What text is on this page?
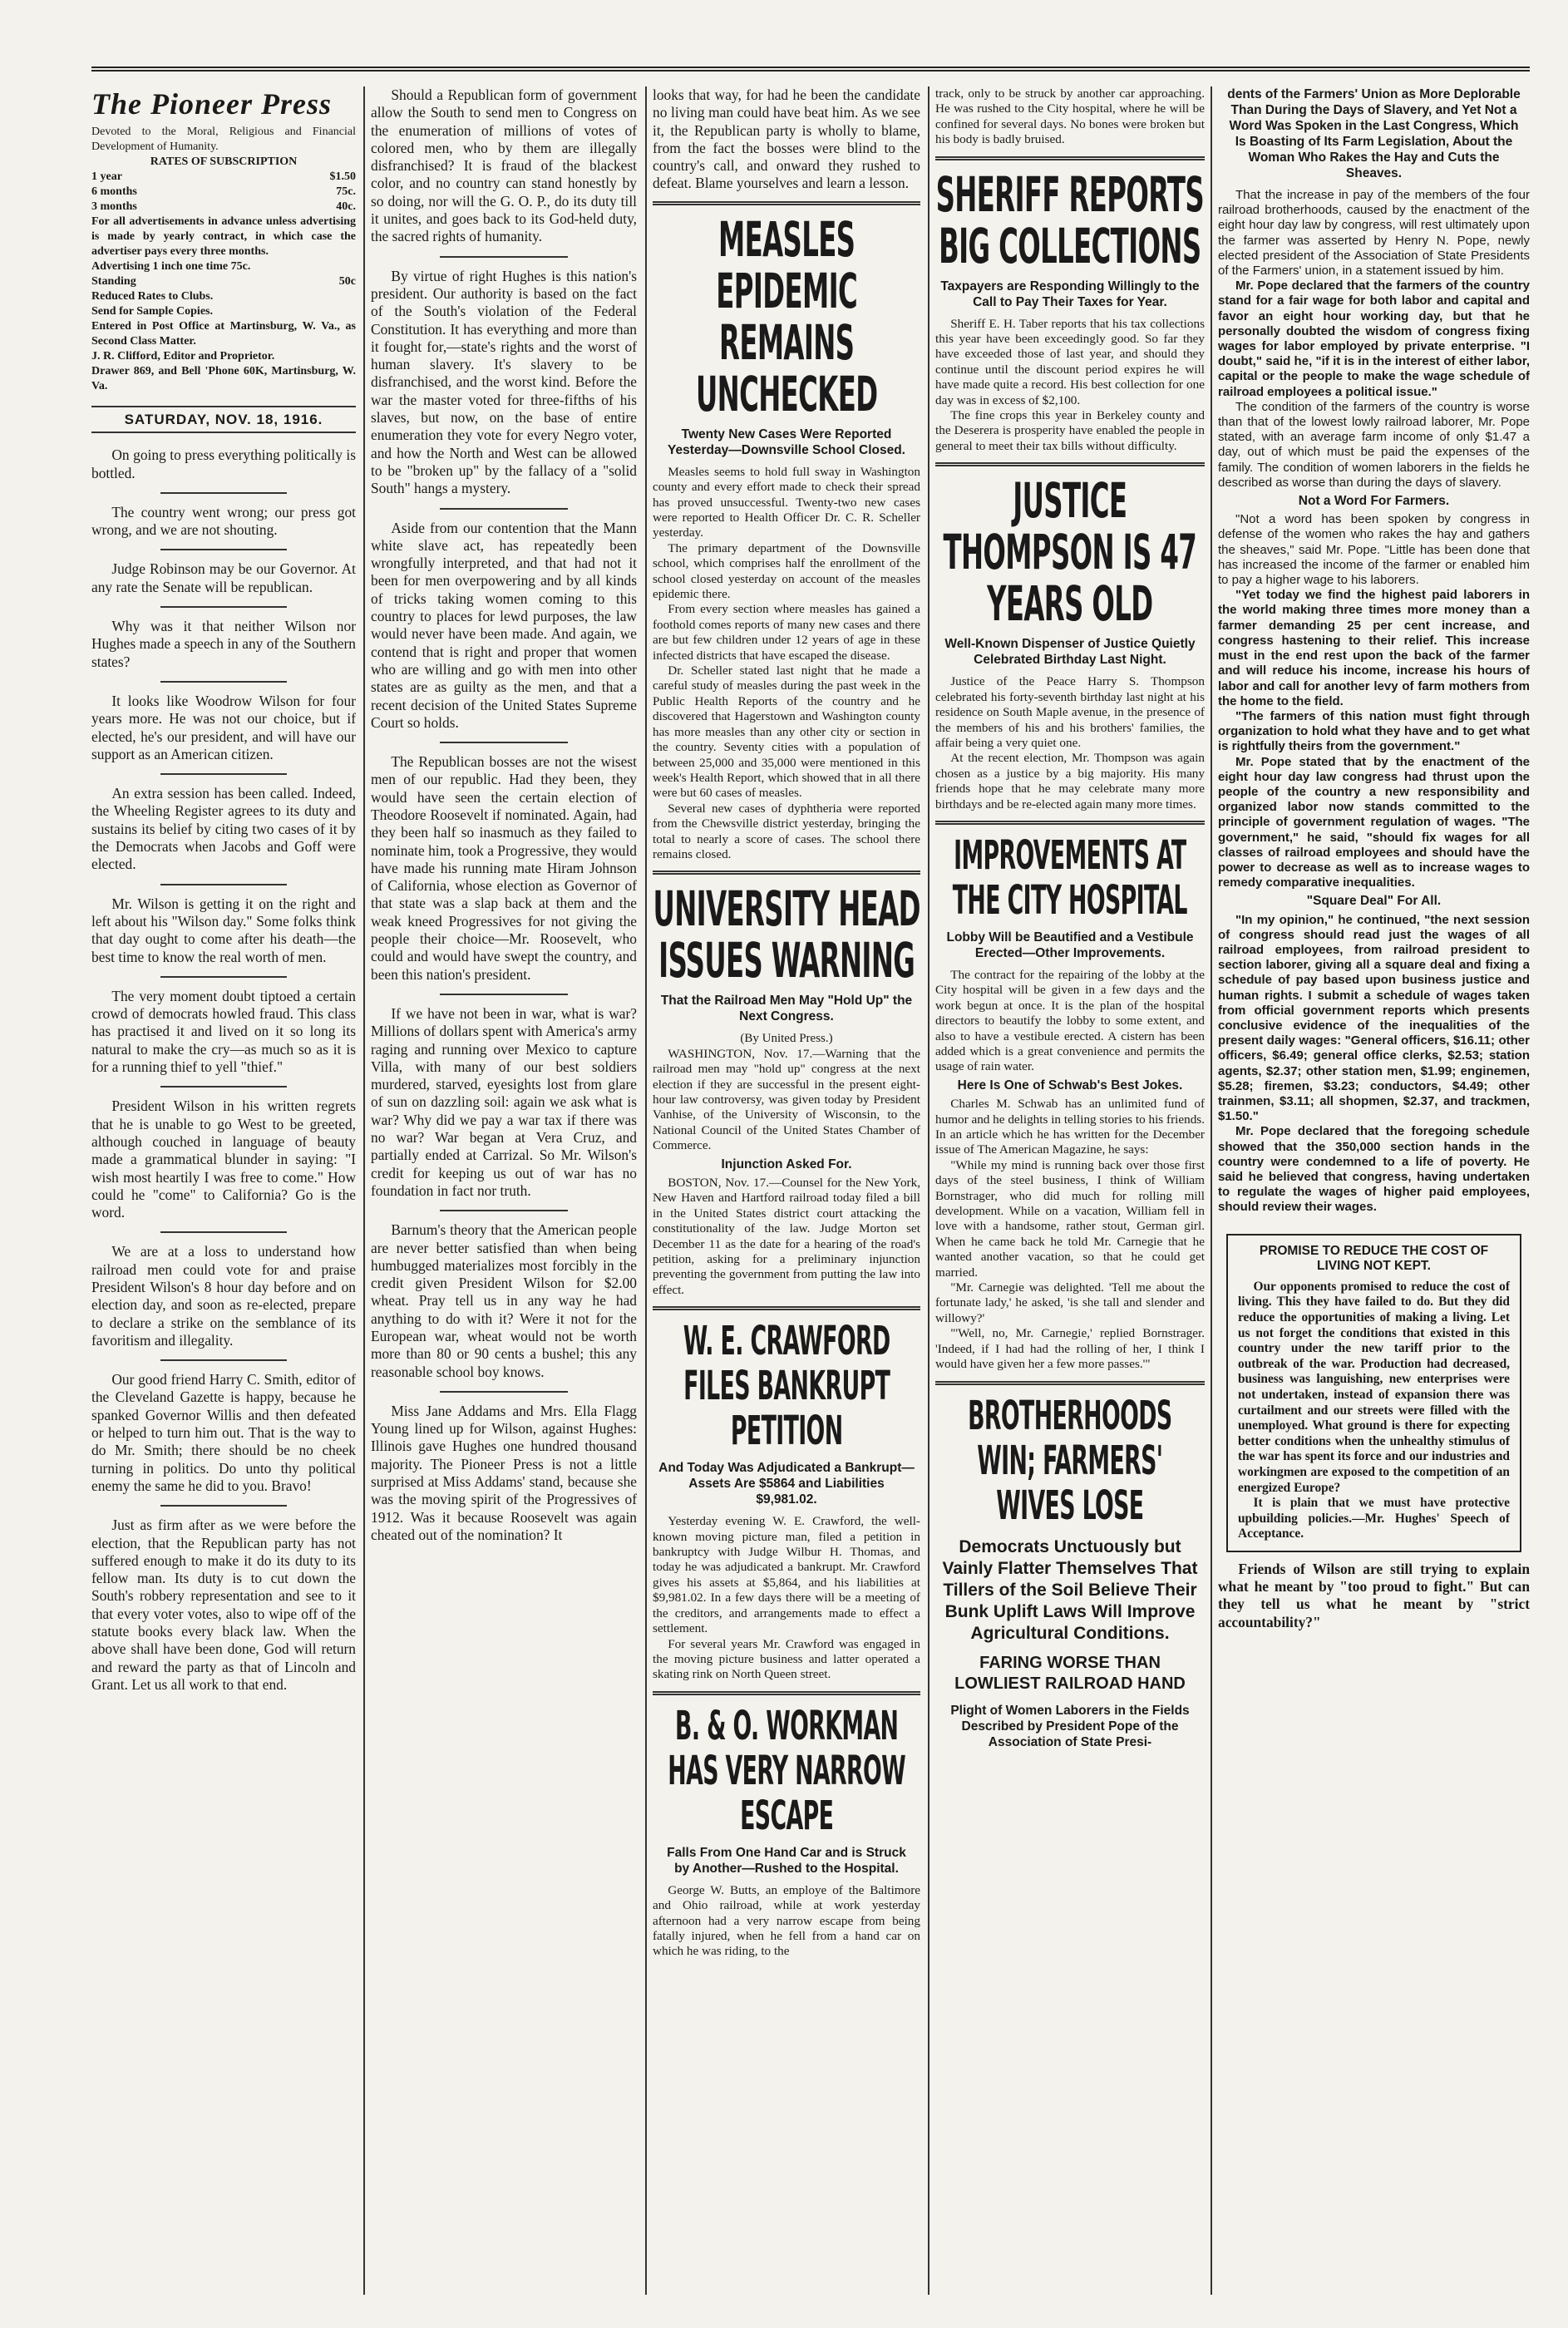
The Pioneer Press
Devoted to the Moral, Religious and Financial Development of Humanity.
RATES OF SUBSCRIPTION
1 year	$1.50
6 months	75c.
3 months	40c.
For all advertisements in advance unless advertising is made by yearly contract, in which case the advertiser pays every three months.
Advertising 1 inch one time 75c.
Standing	50c
Reduced Rates to Clubs.
Send for Sample Copies.
Entered in Post Office at Martinsburg, W. Va., as Second Class Matter.
J. R. Clifford, Editor and Proprietor.
Drawer 869, and Bell 'Phone 60K, Martinsburg, W. Va.
SATURDAY, NOV. 18, 1916.

On going to press everything politically is bottled.

The country went wrong; our press got wrong, and we are not shouting.

Judge Robinson may be our Governor. At any rate the Senate will be republican.

Why was it that neither Wilson nor Hughes made a speech in any of the Southern states?

It looks like Woodrow Wilson for four years more. He was not our choice, but if elected, he's our president, and will have our support as an American citizen.

An extra session has been called. Indeed, the Wheeling Register agrees to its duty and sustains its belief by citing two cases of it by the Democrats when Jacobs and Goff were elected.

Mr. Wilson is getting it on the right and left about his "Wilson day." Some folks think that day ought to come after his death—the best time to know the real worth of men.

The very moment doubt tiptoed a certain crowd of democrats howled fraud. This class has practised it and lived on it so long its natural to make the cry—as much so as it is for a running thief to yell "thief."

President Wilson in his written regrets that he is unable to go West to be greeted, although couched in language of beauty made a grammatical blunder in saying: "I wish most heartily I was free to come." How could he "come" to California? Go is the word.

We are at a loss to understand how railroad men could vote for and praise President Wilson's 8 hour day before and on election day, and soon as re-elected, prepare to declare a strike on the semblance of its favoritism and illegality.

Our good friend Harry C. Smith, editor of the Cleveland Gazette is happy, because he spanked Governor Willis and then defeated or helped to turn him out. That is the way to do Mr. Smith; there should be no cheek turning in politics. Do unto thy political enemy the same he did to you. Bravo!

Just as firm after as we were before the election, that the Republican party has not suffered enough to make it do its duty to its fellow man. Its duty is to cut down the South's robbery representation and see to it that every voter votes, also to wipe off of the statute books every black law. When the above shall have been done, God will return and reward the party as that of Lincoln and Grant. Let us all work to that end.

Should a Republican form of government allow the South to send men to Congress on the enumeration of millions of votes of colored men, who by them are illegally disfranchised? It is fraud of the blackest color, and no country can stand honestly by so doing, nor will the G. O. P., do its duty till it unites, and goes back to its God-held duty, the sacred rights of humanity.

By virtue of right Hughes is this nation's president. Our authority is based on the fact of the South's violation of the Federal Constitution. It has everything and more than it fought for,—state's rights and the worst of human slavery. It's slavery to be disfranchised, and the worst kind. Before the war the master voted for three-fifths of his slaves, but now, on the base of entire enumeration they vote for every Negro voter, and how the North and West can be allowed to be "broken up" by the fallacy of a "solid South" hangs a mystery.

Aside from our contention that the Mann white slave act, has repeatedly been wrongfully interpreted, and that had not it been for men overpowering and by all kinds of tricks taking women coming to this country to places for lewd purposes, the law would never have been made. And again, we contend that is right and proper that women who are willing and go with men into other states are as guilty as the men, and that a recent decision of the United States Supreme Court so holds.

The Republican bosses are not the wisest men of our republic. Had they been, they would have seen the certain election of Theodore Roosevelt if nominated. Again, had they been half so inasmuch as they failed to nominate him, took a Progressive, they would have made his running mate Hiram Johnson of California, whose election as Governor of that state was a slap back at them and the weak kneed Progressives for not giving the people their choice—Mr. Roosevelt, who could and would have swept the country, and been this nation's president.

If we have not been in war, what is war? Millions of dollars spent with America's army raging and running over Mexico to capture Villa, with many of our best soldiers murdered, starved, eyesights lost from glare of sun on dazzling soil: again we ask what is war? Why did we pay a war tax if there was no war? War began at Vera Cruz, and partially ended at Carrizal. So Mr. Wilson's credit for keeping us out of war has no foundation in fact nor truth.

Barnum's theory that the American people are never better satisfied than when being humbugged materializes most forcibly in the credit given President Wilson for $2.00 wheat. Pray tell us in any way he had anything to do with it? Were it not for the European war, wheat would not be worth more than 80 or 90 cents a bushel; this any reasonable school boy knows.

Miss Jane Addams and Mrs. Ella Flagg Young lined up for Wilson, against Hughes: Illinois gave Hughes one hundred thousand majority. The Pioneer Press is not a little surprised at Miss Addams' stand, because she was the moving spirit of the Progressives of 1912. Was it because Roosevelt was again cheated out of the nomination? It

looks that way, for had he been the candidate no living man could have beat him. As we see it, the Republican party is wholly to blame, from the fact the bosses were blind to the country's call, and onward they rushed to defeat. Blame yourselves and learn a lesson.

MEASLES EPIDEMIC REMAINS UNCHECKED
Twenty New Cases Were Reported Yesterday—Downsville School Closed.

Measles seems to hold full sway in Washington county and every effort made to check their spread has proved unsuccessful. Twenty-two new cases were reported to Health Officer Dr. C. R. Scheller yesterday.

The primary department of the Downsville school, which comprises half the enrollment of the school closed yesterday on account of the measles epidemic there.

From every section where measles has gained a foothold comes reports of many new cases and there are but few children under 12 years of age in these infected districts that have escaped the disease.

Dr. Scheller stated last night that he made a careful study of measles during the past week in the Public Health Reports of the country and he discovered that Hagerstown and Washington county has more measles than any other city or section in the country. Seventy cities with a population of between 25,000 and 35,000 were mentioned in this week's Health Report, which showed that in all there were but 60 cases of measles.

Several new cases of dyphtheria were reported from the Chewsville district yesterday, bringing the total to nearly a score of cases. The school there remains closed.

UNIVERSITY HEAD ISSUES WARNING
That the Railroad Men May "Hold Up" the Next Congress.
(By United Press.)

WASHINGTON, Nov. 17.—Warning that the railroad men may "hold up" congress at the next election if they are successful in the present eight-hour law controversy, was given today by President Vanhise, of the University of Wisconsin, to the National Council of the United States Chamber of Commerce.

Injunction Asked For.

BOSTON, Nov. 17.—Counsel for the New York, New Haven and Hartford railroad today filed a bill in the United States district court attacking the constitutionality of the law. Judge Morton set December 11 as the date for a hearing of the road's petition, asking for a preliminary injunction preventing the government from putting the law into effect.

W. E. CRAWFORD FILES BANKRUPT PETITION
And Today Was Adjudicated a Bankrupt—Assets Are $5864 and Liabilities $9,981.02.

Yesterday evening W. E. Crawford, the well-known moving picture man, filed a petition in bankruptcy with Judge Wilbur H. Thomas, and today he was adjudicated a bankrupt. Mr. Crawford gives his assets at $5,864, and his liabilities at $9,981.02. In a few days there will be a meeting of the creditors, and arrangements made to effect a settlement.

For several years Mr. Crawford was engaged in the moving picture business and latter operated a skating rink on North Queen street.

B. & O. WORKMAN HAS VERY NARROW ESCAPE
Falls From One Hand Car and is Struck by Another—Rushed to the Hospital.

George W. Butts, an employe of the Baltimore and Ohio railroad, while at work yesterday afternoon had a very narrow escape from being fatally injured, when he fell from a hand car on which he was riding, to the

track, only to be struck by another car approaching. He was rushed to the City hospital, where he will be confined for several days. No bones were broken but his body is badly bruised.

SHERIFF REPORTS BIG COLLECTIONS
Taxpayers are Responding Willingly to the Call to Pay Their Taxes for Year.

Sheriff E. H. Taber reports that his tax collections this year have been exceedingly good. So far they have exceeded those of last year, and should they continue until the discount period expires he will have made quite a record. His best collection for one day was in excess of $2,100.

The fine crops this year in Berkeley county and the Deserera is prosperity have enabled the people in general to meet their tax bills without difficulty.

JUSTICE THOMPSON IS 47 YEARS OLD
Well-Known Dispenser of Justice Quietly Celebrated Birthday Last Night.

Justice of the Peace Harry S. Thompson celebrated his forty-seventh birthday last night at his residence on South Maple avenue, in the presence of the members of his and his brothers' families, the affair being a very quiet one.

At the recent election, Mr. Thompson was again chosen as a justice by a big majority. His many friends hope that he may celebrate many more birthdays and be re-elected again many more times.

IMPROVEMENTS AT THE CITY HOSPITAL
Lobby Will be Beautified and a Vestibule Erected—Other Improvements.

The contract for the repairing of the lobby at the City hospital will be given in a few days and the work begun at once. It is the plan of the hospital directors to beautify the lobby to some extent, and also to have a vestibule erected. A cistern has been added which is a great convenience and permits the usage of rain water.

Here Is One of Schwab's Best Jokes.

Charles M. Schwab has an unlimited fund of humor and he delights in telling stories to his friends. In an article which he has written for the December issue of The American Magazine, he says:

"While my mind is running back over those first days of the steel business, I think of William Bornstrager, who did much for rolling mill development. While on a vacation, William fell in love with a handsome, rather stout, German girl. When he came back he told Mr. Carnegie that he wanted another vacation, so that he could get married.

"Mr. Carnegie was delighted. 'Tell me about the fortunate lady,' he asked, 'is she tall and slender and willowy?'

"'Well, no, Mr. Carnegie,' replied Bornstrager. 'Indeed, if I had had the rolling of her, I think I would have given her a few more passes.'"

BROTHERHOODS WIN; FARMERS' WIVES LOSE
Democrats Unctuously but Vainly Flatter Themselves That Tillers of the Soil Believe Their Bunk Uplift Laws Will Improve Agricultural Conditions.
FARING WORSE THAN LOWLIEST RAILROAD HAND
Plight of Women Laborers in the Fields Described by President Pope of the Association of State Presi-
dents of the Farmers' Union as More Deplorable Than During the Days of Slavery, and Yet Not a Word Was Spoken in the Last Congress, Which Is Boasting of Its Farm Legislation, About the Woman Who Rakes the Hay and Cuts the Sheaves.

That the increase in pay of the members of the four railroad brotherhoods, caused by the enactment of the eight hour day law by congress, will rest ultimately upon the farmer was asserted by Henry N. Pope, newly elected president of the Association of State Presidents of the Farmers' union, in a statement issued by him.

Mr. Pope declared that the farmers of the country stand for a fair wage for both labor and capital and favor an eight hour working day, but that he personally doubted the wisdom of congress fixing wages for labor employed by private enterprise. "I doubt," said he, "if it is in the interest of either labor, capital or the people to make the wage schedule of railroad employees a political issue."

The condition of the farmers of the country is worse than that of the lowest lowly railroad laborer, Mr. Pope stated, with an average farm income of only $1.47 a day, out of which must be paid the expenses of the family. The condition of women laborers in the fields he described as worse than during the days of slavery.

Not a Word For Farmers.

"Not a word has been spoken by congress in defense of the women who rakes the hay and gathers the sheaves," said Mr. Pope. "Little has been done that has increased the income of the farmer or enabled him to pay a higher wage to his laborers.

"Yet today we find the highest paid laborers in the world making three times more money than a farmer demanding 25 per cent increase, and congress hastening to their relief. This increase must in the end rest upon the back of the farmer and will reduce his income, increase his hours of labor and call for another levy of farm mothers from the home to the field.

"The farmers of this nation must fight through organization to hold what they have and to get what is rightfully theirs from the government."

Mr. Pope stated that by the enactment of the eight hour day law congress had thrust upon the people of the country a new responsibility and organized labor now stands committed to the principle of government regulation of wages. "The government," he said, "should fix wages for all classes of railroad employees and should have the power to decrease as well as to increase wages to remedy comparative inequalities.

"Square Deal" For All.

"In my opinion," he continued, "the next session of congress should read just the wages of all railroad employees, from railroad president to section laborer, giving all a square deal and fixing a schedule of pay based upon business justice and human rights. I submit a schedule of wages taken from official government reports which presents conclusive evidence of the inequalities of the present daily wages: "General officers, $16.11; other officers, $6.49; general office clerks, $2.53; station agents, $2.37; other station men, $1.99; enginemen, $5.28; firemen, $3.23; conductors, $4.49; other trainmen, $3.11; all shopmen, $2.37, and trackmen, $1.50."

Mr. Pope declared that the foregoing schedule showed that the 350,000 section hands in the country were condemned to a life of poverty. He said he believed that congress, having undertaken to regulate the wages of higher paid employees, should review their wages.

PROMISE TO REDUCE THE COST OF LIVING NOT KEPT.

Our opponents promised to reduce the cost of living. This they have failed to do. But they did reduce the opportunities of making a living. Let us not forget the conditions that existed in this country under the new tariff prior to the outbreak of the war. Production had decreased, business was languishing, new enterprises were not undertaken, instead of expansion there was curtailment and our streets were filled with the unemployed. What ground is there for expecting better conditions when the unhealthy stimulus of the war has spent its force and our industries and workingmen are exposed to the competition of an energized Europe?

It is plain that we must have protective upbuilding policies.—Mr. Hughes' Speech of Acceptance.

Friends of Wilson are still trying to explain what he meant by "too proud to fight." But can they tell us what he meant by "strict accountability?"
